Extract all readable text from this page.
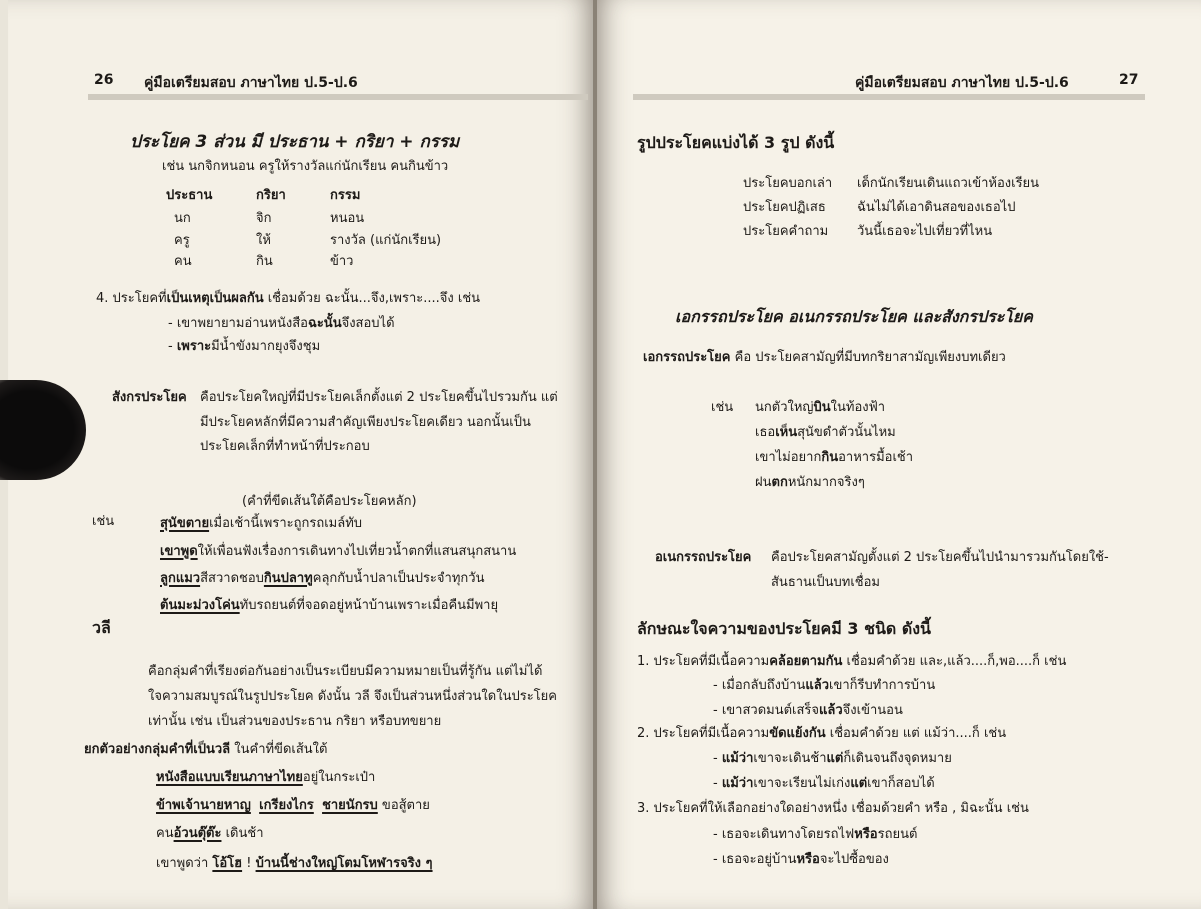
26 คู่มือเตรียมสอบ ภาษาไทย ป.5-ป.6
ประโยค 3 ส่วน มี ประธาน + กริยา + กรรม
เช่น นกจิกหนอน ครูให้รางวัลแก่นักเรียน คนกินข้าว
ประธาน	กริยา	กรรม
นก	จิก	หนอน
ครู	ให้	รางวัล (แก่นักเรียน)
คน	กิน	ข้าว
4. ประโยคที่เป็นเหตุเป็นผลกัน เชื่อมด้วย ฉะนั้น...จึง,เพราะ....จึง เช่น
- เขาพยายามอ่านหนังสือฉะนั้นจึงสอบได้
- เพราะมีน้ำขังมากยุงจึงชุม
สังกรประโยค คือประโยคใหญ่ที่มีประโยคเล็กตั้งแต่ 2 ประโยคขึ้นไปรวมกัน แต่
มีประโยคหลักที่มีความสำคัญเพียงประโยคเดียว นอกนั้นเป็น
ประโยคเล็กที่ทำหน้าที่ประกอบ
(คำที่ขีดเส้นใต้คือประโยคหลัก)
เช่น	สุนัขตายเมื่อเช้านี้เพราะถูกรถเมล์ทับ
เขาพูดให้เพื่อนฟังเรื่องการเดินทางไปเที่ยวน้ำตกที่แสนสนุกสนาน
ลูกแมวสีสวาดชอบกินปลาทูคลุกกับน้ำปลาเป็นประจำทุกวัน
ต้นมะม่วงโค่นทับรถยนต์ที่จอดอยู่หน้าบ้านเพราะเมื่อคืนมีพายุ
วลี
คือกลุ่มคำที่เรียงต่อกันอย่างเป็นระเบียบมีความหมายเป็นที่รู้กัน แต่ไม่ได้
ใจความสมบูรณ์ในรูปประโยค ดังนั้น วลี จึงเป็นส่วนหนึ่งส่วนใดในประโยค
เท่านั้น เช่น เป็นส่วนของประธาน กริยา หรือบทขยาย
ยกตัวอย่างกลุ่มคำที่เป็นวลี ในคำที่ขีดเส้นใต้
หนังสือแบบเรียนภาษาไทยอยู่ในกระเป๋า
ข้าพเจ้านายหาญ เกรียงไกร ชายนักรบ ขอสู้ตาย
คนอ้วนตุ๊ต๊ะ เดินช้า
เขาพูดว่า โอ้โฮ ! บ้านนี้ช่างใหญ่โตมโหฬารจริง ๆ
คู่มือเตรียมสอบ ภาษาไทย ป.5-ป.6	27
รูปประโยคแบ่งได้ 3 รูป ดังนี้
ประโยคบอกเล่า เด็กนักเรียนเดินแถวเข้าห้องเรียน
ประโยคปฏิเสธ ฉันไม่ได้เอาดินสอของเธอไป
ประโยคคำถาม วันนี้เธอจะไปเที่ยวที่ไหน
เอกรรถประโยค อเนกรรถประโยค และสังกรประโยค
เอกรรถประโยค คือ ประโยคสามัญที่มีบทกริยาสามัญเพียงบทเดียว
เช่น นกตัวใหญ่บินในท้องฟ้า
เธอเห็นสุนัขดำตัวนั้นไหม
เขาไม่อยากกินอาหารมื้อเช้า
ฝนตกหนักมากจริงๆ
อเนกรรถประโยค คือประโยคสามัญตั้งแต่ 2 ประโยคขึ้นไปนำมารวมกันโดยใช้-
สันธานเป็นบทเชื่อม
ลักษณะใจความของประโยคมี 3 ชนิด ดังนี้
1. ประโยคที่มีเนื้อความคล้อยตามกัน เชื่อมคำด้วย และ,แล้ว....ก็,พอ....ก็ เช่น
- เมื่อกลับถึงบ้านแล้วเขาก็รีบทำการบ้าน
- เขาสวดมนต์เสร็จแล้วจึงเข้านอน
2. ประโยคที่มีเนื้อความขัดแย้งกัน เชื่อมคำด้วย แต่ แม้ว่า....ก็ เช่น
- แม้ว่าเขาจะเดินช้าแต่ก็เดินจนถึงจุดหมาย
- แม้ว่าเขาจะเรียนไม่เก่งแต่เขาก็สอบได้
3. ประโยคที่ให้เลือกอย่างใดอย่างหนึ่ง เชื่อมด้วยคำ หรือ , มิฉะนั้น เช่น
- เธอจะเดินทางโดยรถไฟหรือรถยนต์
- เธอจะอยู่บ้านหรือจะไปซื้อของ
